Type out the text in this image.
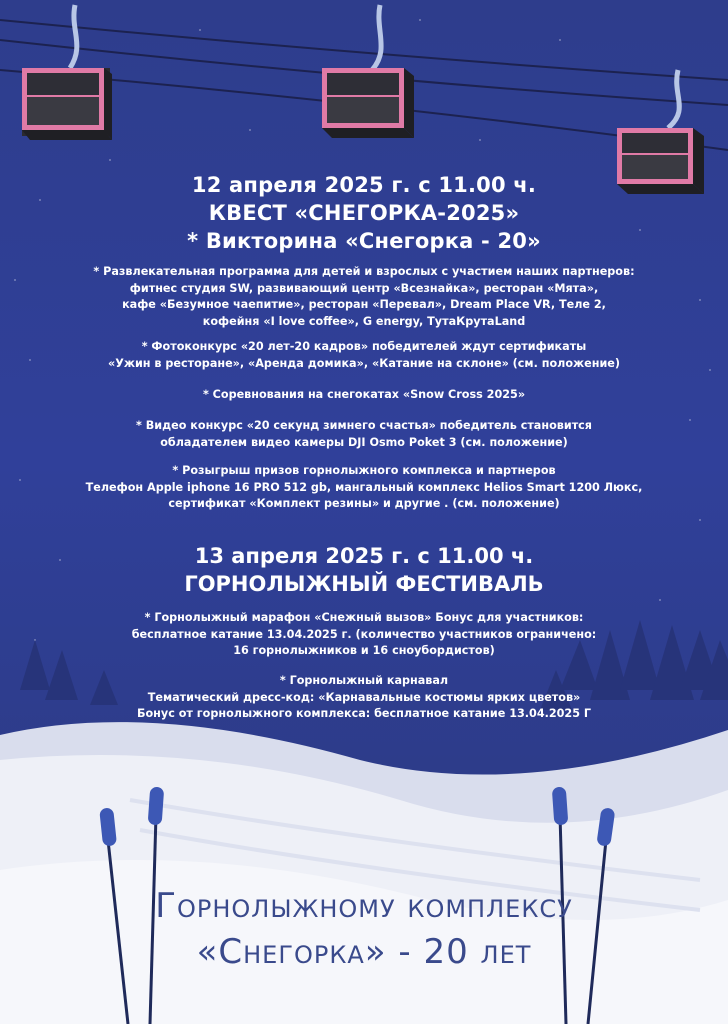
12 апреля 2025 г. с 11.00 ч.
КВЕСТ «СНЕГОРКА-2025»
* Викторина «Снегорка - 20»
* Развлекательная программа для детей и взрослых с участием наших партнеров:
фитнес студия SW, развивающий центр «Всезнайка», ресторан «Мята»,
кафе «Безумное чаепитие», ресторан «Перевал», Dream Place VR, Теле 2,
кофейня «I love coffee», G energy, ТутаКрутаLand
* Фотоконкурс «20 лет-20 кадров» победителей ждут сертификаты
«Ужин в ресторане», «Аренда домика», «Катание на склоне» (см. положение)
* Соревнования на снегокатах «Snow Cross 2025»
* Видео конкурс «20 секунд зимнего счастья» победитель становится
обладателем видео камеры DJI Osmo Poket 3 (см. положение)
* Розыгрыш призов горнолыжного комплекса и партнеров
Телефон Apple iphone 16 PRO 512 gb, мангальный комплекс Helios Smart 1200 Люкс,
сертификат «Комплект резины» и другие . (см. положение)
13 апреля 2025 г. с 11.00 ч.
ГОРНОЛЫЖНЫЙ ФЕСТИВАЛЬ
* Горнолыжный марафон «Снежный вызов» Бонус для участников:
бесплатное катание 13.04.2025 г. (количество участников ограничено:
16 горнолыжников и 16 сноубордистов)
* Горнолыжный карнавал
Тематический дресс-код: «Карнавальные костюмы ярких цветов»
Бонус от горнолыжного комплекса: бесплатное катание 13.04.2025 Г
Горнолыжному комплексу
«Снегорка» - 20 лет
